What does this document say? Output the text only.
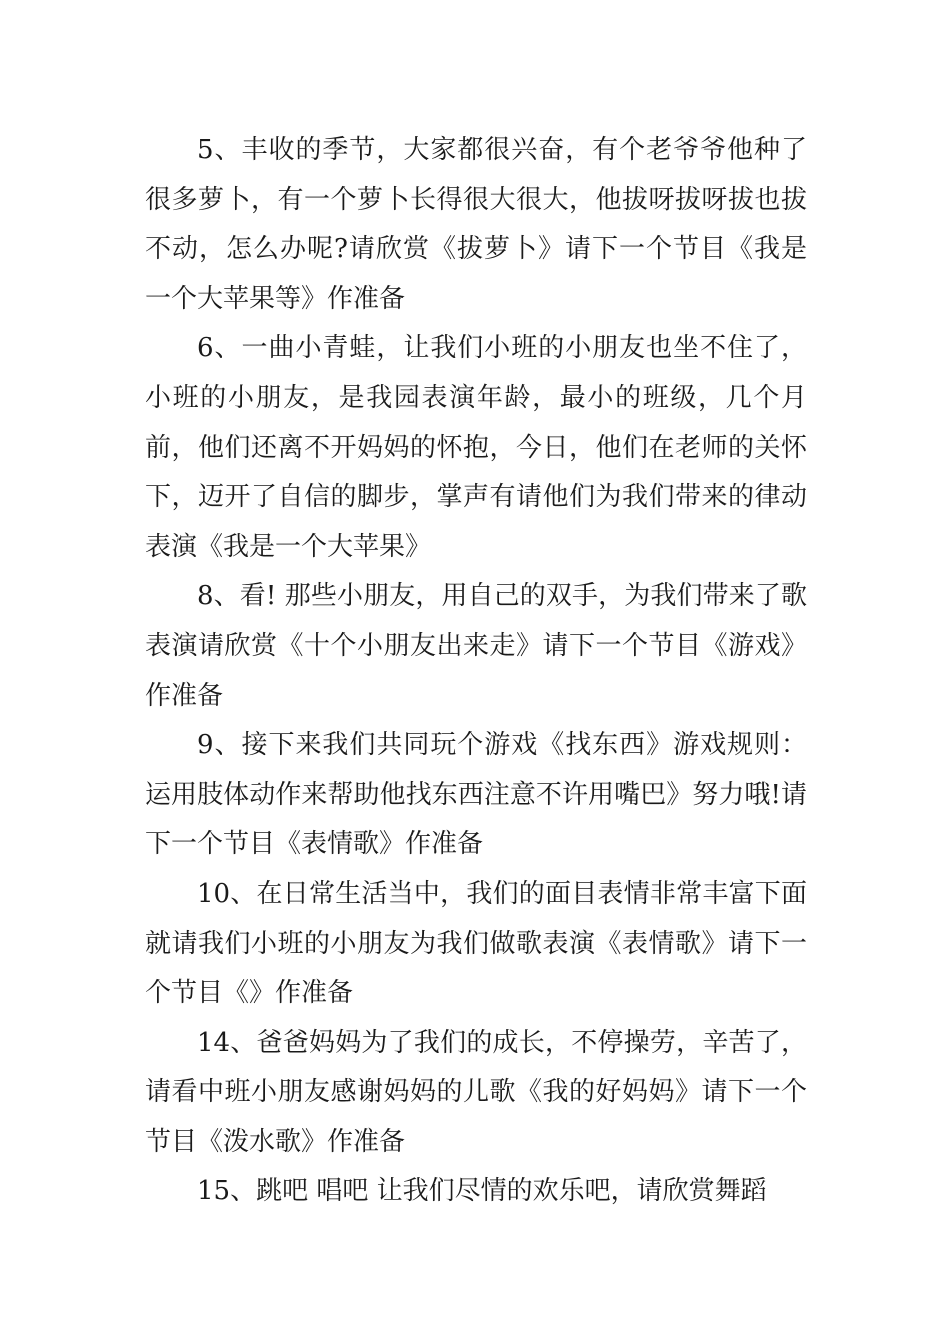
5、丰收的季节，大家都很兴奋，有个老爷爷他种了很多萝卜，有一个萝卜长得很大很大，他拔呀拔呀拔也拔不动，怎么办呢?请欣赏《拔萝卜》请下一个节目《我是一个大苹果等》作准备

6、一曲小青蛙，让我们小班的小朋友也坐不住了，小班的小朋友，是我园表演年龄，最小的班级，几个月前，他们还离不开妈妈的怀抱，今日，他们在老师的关怀下，迈开了自信的脚步，掌声有请他们为我们带来的律动表演《我是一个大苹果》

8、看! 那些小朋友，用自己的双手，为我们带来了歌表演请欣赏《十个小朋友出来走》请下一个节目《游戏》作准备

9、接下来我们共同玩个游戏《找东西》游戏规则：运用肢体动作来帮助他找东西注意不许用嘴巴》努力哦!请下一个节目《表情歌》作准备

10、在日常生活当中，我们的面目表情非常丰富下面就请我们小班的小朋友为我们做歌表演《表情歌》请下一个节目《》作准备

14、爸爸妈妈为了我们的成长，不停操劳，辛苦了，请看中班小朋友感谢妈妈的儿歌《我的好妈妈》请下一个节目《泼水歌》作准备

15、跳吧 唱吧 让我们尽情的欢乐吧，请欣赏舞蹈
